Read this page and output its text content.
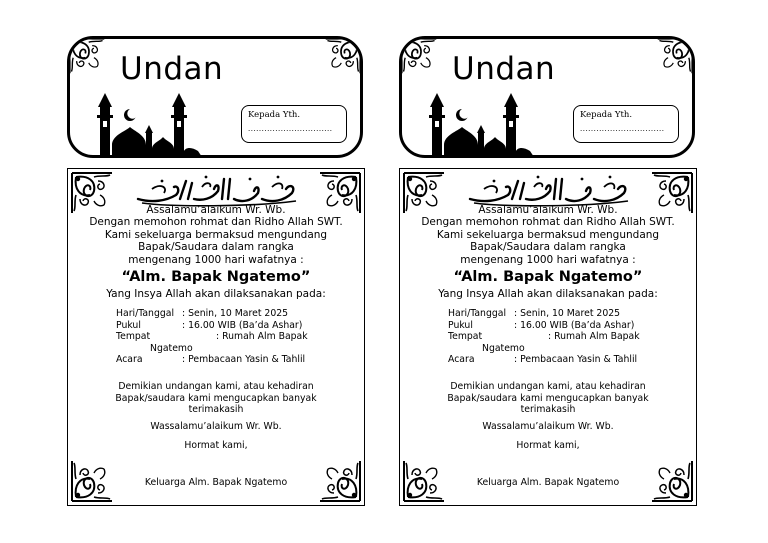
Undan
Kepada Yth.
...............................
Assalamu’alaikum Wr. Wb.
Dengan memohon rohmat dan Ridho Allah SWT.
Kami sekeluarga bermaksud mengundang
Bapak/Saudara dalam rangka
mengenang 1000 hari wafatnya :
“Alm. Bapak Ngatemo”
Yang Insya Allah akan dilaksanakan pada:
Hari/Tanggal : Senin, 10 Maret 2025
Pukul	: 16.00 WIB (Ba’da Ashar)
Tempat	: Rumah Alm Bapak
Ngatemo
Acara	: Pembacaan Yasin & Tahlil
Demikian undangan kami, atau kehadiran
Bapak/saudara kami mengucapkan banyak
terimakasih
Wassalamu’alaikum Wr. Wb.
Hormat kami,
Keluarga Alm. Bapak Ngatemo
Undan
Kepada Yth.
...............................
Assalamu’alaikum Wr. Wb.
Dengan memohon rohmat dan Ridho Allah SWT.
Kami sekeluarga bermaksud mengundang
Bapak/Saudara dalam rangka
mengenang 1000 hari wafatnya :
“Alm. Bapak Ngatemo”
Yang Insya Allah akan dilaksanakan pada:
Hari/Tanggal : Senin, 10 Maret 2025
Pukul	: 16.00 WIB (Ba’da Ashar)
Tempat	: Rumah Alm Bapak
Ngatemo
Acara	: Pembacaan Yasin & Tahlil
Demikian undangan kami, atau kehadiran
Bapak/saudara kami mengucapkan banyak
terimakasih
Wassalamu’alaikum Wr. Wb.
Hormat kami,
Keluarga Alm. Bapak Ngatemo
